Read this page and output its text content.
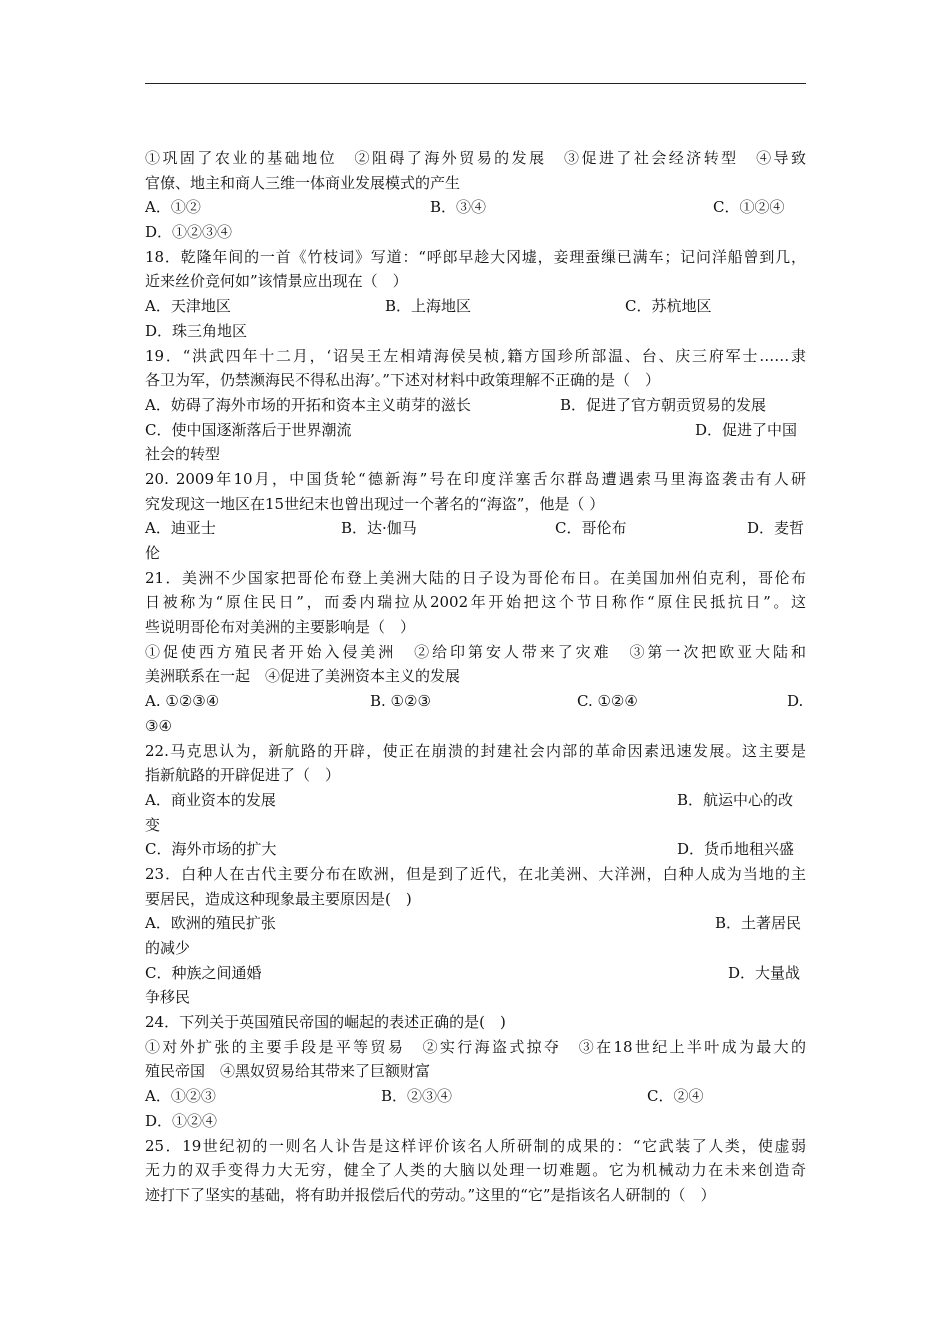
①巩固了农业的基础地位　②阻碍了海外贸易的发展　③促进了社会经济转型　④导致
官僚、地主和商人三维一体商业发展模式的产生
A．①②	B．③④	C．①②④
D．①②③④
18．乾隆年间的一首《竹枝词》写道：“呼郎早趁大冈墟，妾理蚕缫已满车；记问洋船曾到几，
近来丝价竞何如”该情景应出现在（　）
A．天津地区	B．上海地区	C．苏杭地区
D．珠三角地区
19．“洪武四年十二月，‘诏吴王左相靖海侯吴桢,籍方国珍所部温、台、庆三府军士……隶
各卫为军，仍禁濒海民不得私出海’。”下述对材料中政策理解不正确的是（　）
A．妨碍了海外市场的开拓和资本主义萌芽的滋长	B．促进了官方朝贡贸易的发展
C．使中国逐渐落后于世界潮流	D．促进了中国
社会的转型
20. 2009年10月，中国货轮“德新海”号在印度洋塞舌尔群岛遭遇索马里海盗袭击有人研
究发现这一地区在15世纪末也曾出现过一个著名的“海盗”，他是（ ）
A．迪亚士	B．达·伽马	C．哥伦布	D．麦哲
伦
21．美洲不少国家把哥伦布登上美洲大陆的日子设为哥伦布日。在美国加州伯克利，哥伦布
日被称为“原住民日”，而委内瑞拉从2002年开始把这个节日称作“原住民抵抗日”。这
些说明哥伦布对美洲的主要影响是（　）
①促使西方殖民者开始入侵美洲　②给印第安人带来了灾难　③第一次把欧亚大陆和
美洲联系在一起　④促进了美洲资本主义的发展
A. ①②③④	B. ①②③	C. ①②④	D.
③④
22.马克思认为，新航路的开辟，使正在崩溃的封建社会内部的革命因素迅速发展。这主要是
指新航路的开辟促进了（　）
A．商业资本的发展	B．航运中心的改
变
C．海外市场的扩大	D．货币地租兴盛
23．白种人在古代主要分布在欧洲，但是到了近代，在北美洲、大洋洲，白种人成为当地的主
要居民，造成这种现象最主要原因是(　)
A．欧洲的殖民扩张	B．土著居民
的减少
C．种族之间通婚	D．大量战
争移民
24．下列关于英国殖民帝国的崛起的表述正确的是(　)
①对外扩张的主要手段是平等贸易　②实行海盗式掠夺　③在18世纪上半叶成为最大的
殖民帝国　④黑奴贸易给其带来了巨额财富
A．①②③	B．②③④	C．②④
D．①②④
25．19世纪初的一则名人讣告是这样评价该名人所研制的成果的：“它武装了人类，使虚弱
无力的双手变得力大无穷，健全了人类的大脑以处理一切难题。它为机械动力在未来创造奇
迹打下了坚实的基础，将有助并报偿后代的劳动。”这里的“它”是指该名人研制的（　）
